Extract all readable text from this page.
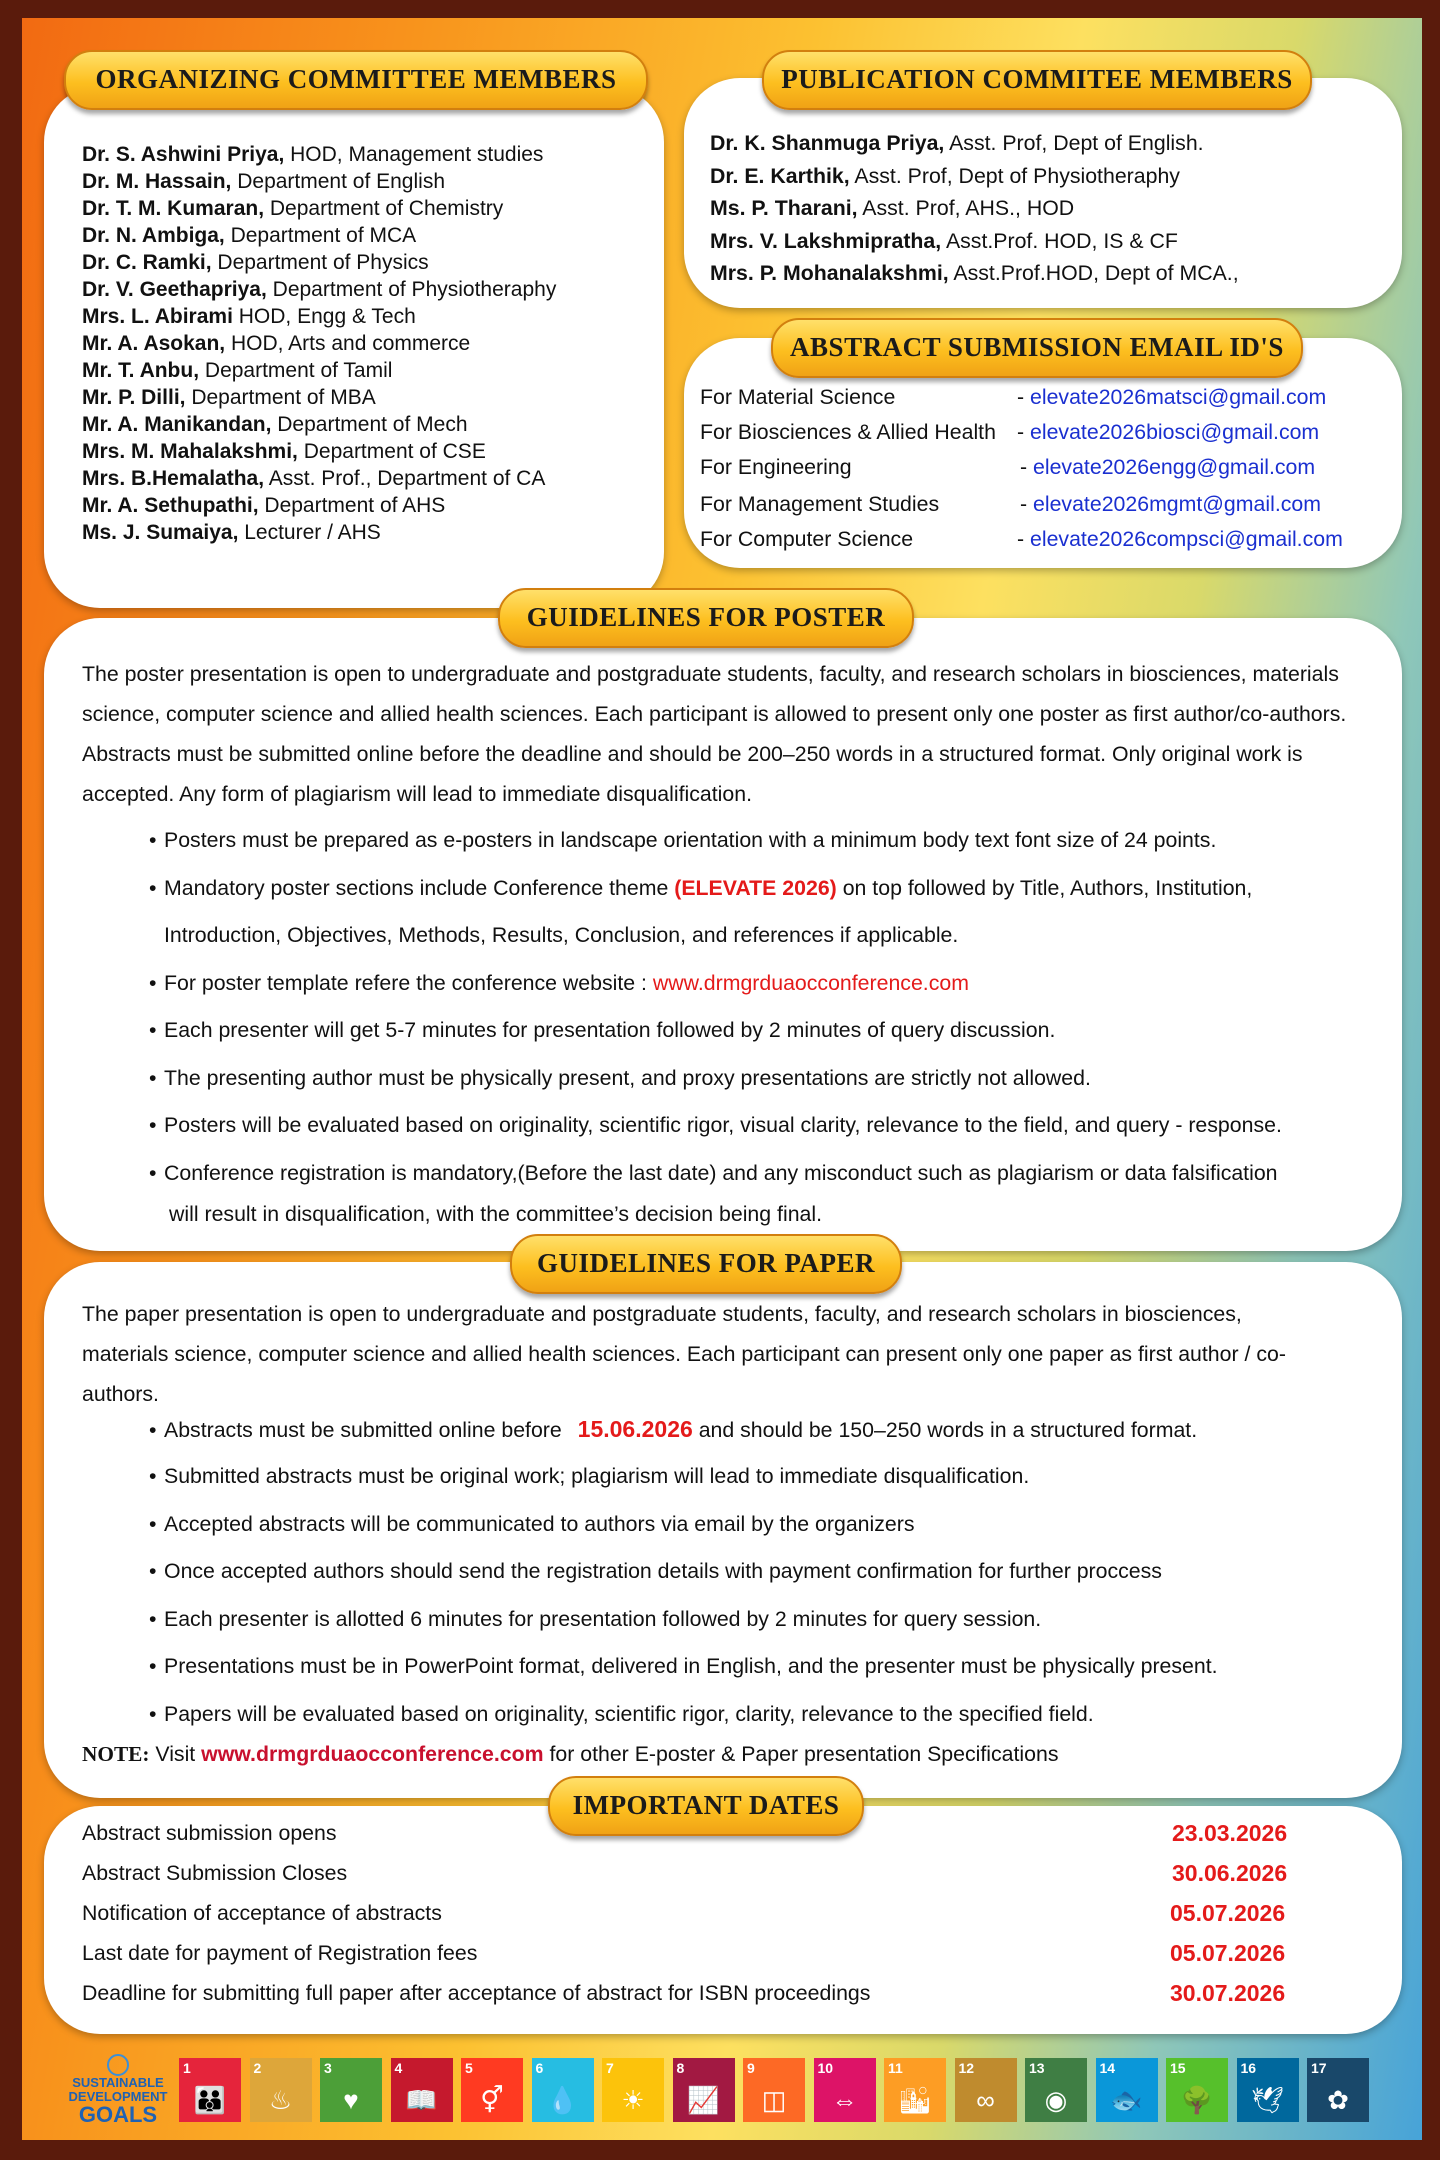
ORGANIZING COMMITTEE MEMBERS
Dr. S. Ashwini Priya, HOD, Management studies
Dr. M. Hassain, Department of English
Dr. T. M. Kumaran, Department of Chemistry
Dr. N. Ambiga, Department of MCA
Dr. C. Ramki, Department of Physics
Dr. V. Geethapriya, Department of Physiotheraphy
Mrs. L. Abirami HOD, Engg & Tech
Mr. A. Asokan, HOD, Arts and commerce
Mr. T. Anbu, Department of Tamil
Mr. P. Dilli, Department of MBA
Mr. A. Manikandan, Department of Mech
Mrs. M. Mahalakshmi, Department of CSE
Mrs. B.Hemalatha, Asst. Prof., Department of CA
Mr. A. Sethupathi, Department of AHS
Ms. J. Sumaiya, Lecturer / AHS
PUBLICATION COMMITEE MEMBERS
Dr. K. Shanmuga Priya, Asst. Prof, Dept of English.
Dr. E. Karthik, Asst. Prof, Dept of Physiotheraphy
Ms. P. Tharani, Asst. Prof, AHS., HOD
Mrs. V. Lakshmipratha, Asst.Prof. HOD, IS & CF
Mrs. P. Mohanalakshmi, Asst.Prof.HOD, Dept of MCA.,
ABSTRACT SUBMISSION EMAIL ID'S
For Material Science	- elevate2026matsci@gmail.com
For Biosciences & Allied Health - elevate2026biosci@gmail.com
For Engineering	- elevate2026engg@gmail.com
For Management Studies	- elevate2026mgmt@gmail.com
For Computer Science	- elevate2026compsci@gmail.com
GUIDELINES FOR POSTER
The poster presentation is open to undergraduate and postgraduate students, faculty, and research scholars in biosciences, materials science, computer science and allied health sciences. Each participant is allowed to present only one poster as first author/co-authors. Abstracts must be submitted online before the deadline and should be 200–250 words in a structured format. Only original work is accepted. Any form of plagiarism will lead to immediate disqualification.
• Posters must be prepared as e-posters in landscape orientation with a minimum body text font size of 24 points.
• Mandatory poster sections include Conference theme (ELEVATE 2026) on top followed by Title, Authors, Institution,
Introduction, Objectives, Methods, Results, Conclusion, and references if applicable.
• For poster template refere the conference website : www.drmgrduaocconference.com
• Each presenter will get 5-7 minutes for presentation followed by 2 minutes of query discussion.
• The presenting author must be physically present, and proxy presentations are strictly not allowed.
• Posters will be evaluated based on originality, scientific rigor, visual clarity, relevance to the field, and query - response.
• Conference registration is mandatory,(Before the last date) and any misconduct such as plagiarism or data falsification
will result in disqualification, with the committee’s decision being final.
GUIDELINES FOR PAPER
The paper presentation is open to undergraduate and postgraduate students, faculty, and research scholars in biosciences, materials science, computer science and allied health sciences. Each participant can present only one paper as first author / co-authors.
• Abstracts must be submitted online before 15.06.2026 and should be 150–250 words in a structured format.
• Submitted abstracts must be original work; plagiarism will lead to immediate disqualification.
• Accepted abstracts will be communicated to authors via email by the organizers
• Once accepted authors should send the registration details with payment confirmation for further proccess
• Each presenter is allotted 6 minutes for presentation followed by 2 minutes for query session.
• Presentations must be in PowerPoint format, delivered in English, and the presenter must be physically present.
• Papers will be evaluated based on originality, scientific rigor, clarity, relevance to the specified field.
NOTE: Visit www.drmgrduaocconference.com for other E-poster & Paper presentation Specifications
IMPORTANT DATES
Abstract submission opens	23.03.2026
Abstract Submission Closes	30.06.2026
Notification of acceptance of abstracts	05.07.2026
Last date for payment of Registration fees	05.07.2026
Deadline for submitting full paper after acceptance of abstract for ISBN proceedings	30.07.2026
SUSTAINABLE
DEVELOPMENT
GOALS
1
👪
2
♨
3
♥
4
📖
5
⚥
6
💧
7
☀
8
📈
9
◫
10
⇔
11
🏙
12
∞
13
◉
14
🐟
15
🌳
16
🕊
17
✿
